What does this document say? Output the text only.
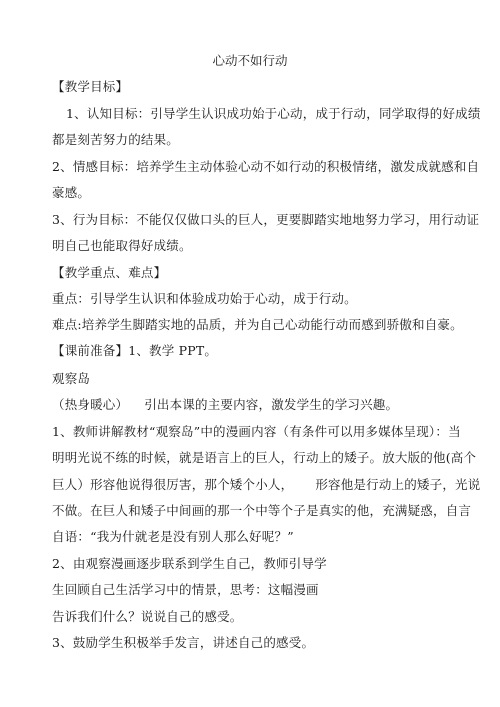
心动不如行动
【教学目标】
1、认知目标：引导学生认识成功始于心动，成于行动，同学取得的好成绩
都是刻苦努力的结果。
2、情感目标：培养学生主动体验心动不如行动的积极情绪，激发成就感和自
豪感。
3、行为目标：不能仅仅做口头的巨人，更要脚踏实地地努力学习，用行动证
明自己也能取得好成绩。
【教学重点、难点】
重点：引导学生认识和体验成功始于心动，成于行动。
难点:培养学生脚踏实地的品质，并为自己心动能行动而感到骄傲和自豪。
【课前准备】1、教学 PPT。
观察岛
（热身暖心） 引出本课的主要内容，激发学生的学习兴趣。
1、教师讲解教材“观察岛”中的漫画内容（有条件可以用多媒体呈现）：当
明明光说不练的时候，就是语言上的巨人，行动上的矮子。放大版的他(高个
巨人）形容他说得很厉害，那个矮个小人， 形容他是行动上的矮子，光说
不做。在巨人和矮子中间画的那一个中等个子是真实的他，充满疑惑，自言
自语：“我为什就老是没有别人那么好呢？”
2、由观察漫画逐步联系到学生自己，教师引导学
生回顾自己生活学习中的情景，思考：这幅漫画
告诉我们什么？说说自己的感受。
3、鼓励学生积极举手发言，讲述自己的感受。
